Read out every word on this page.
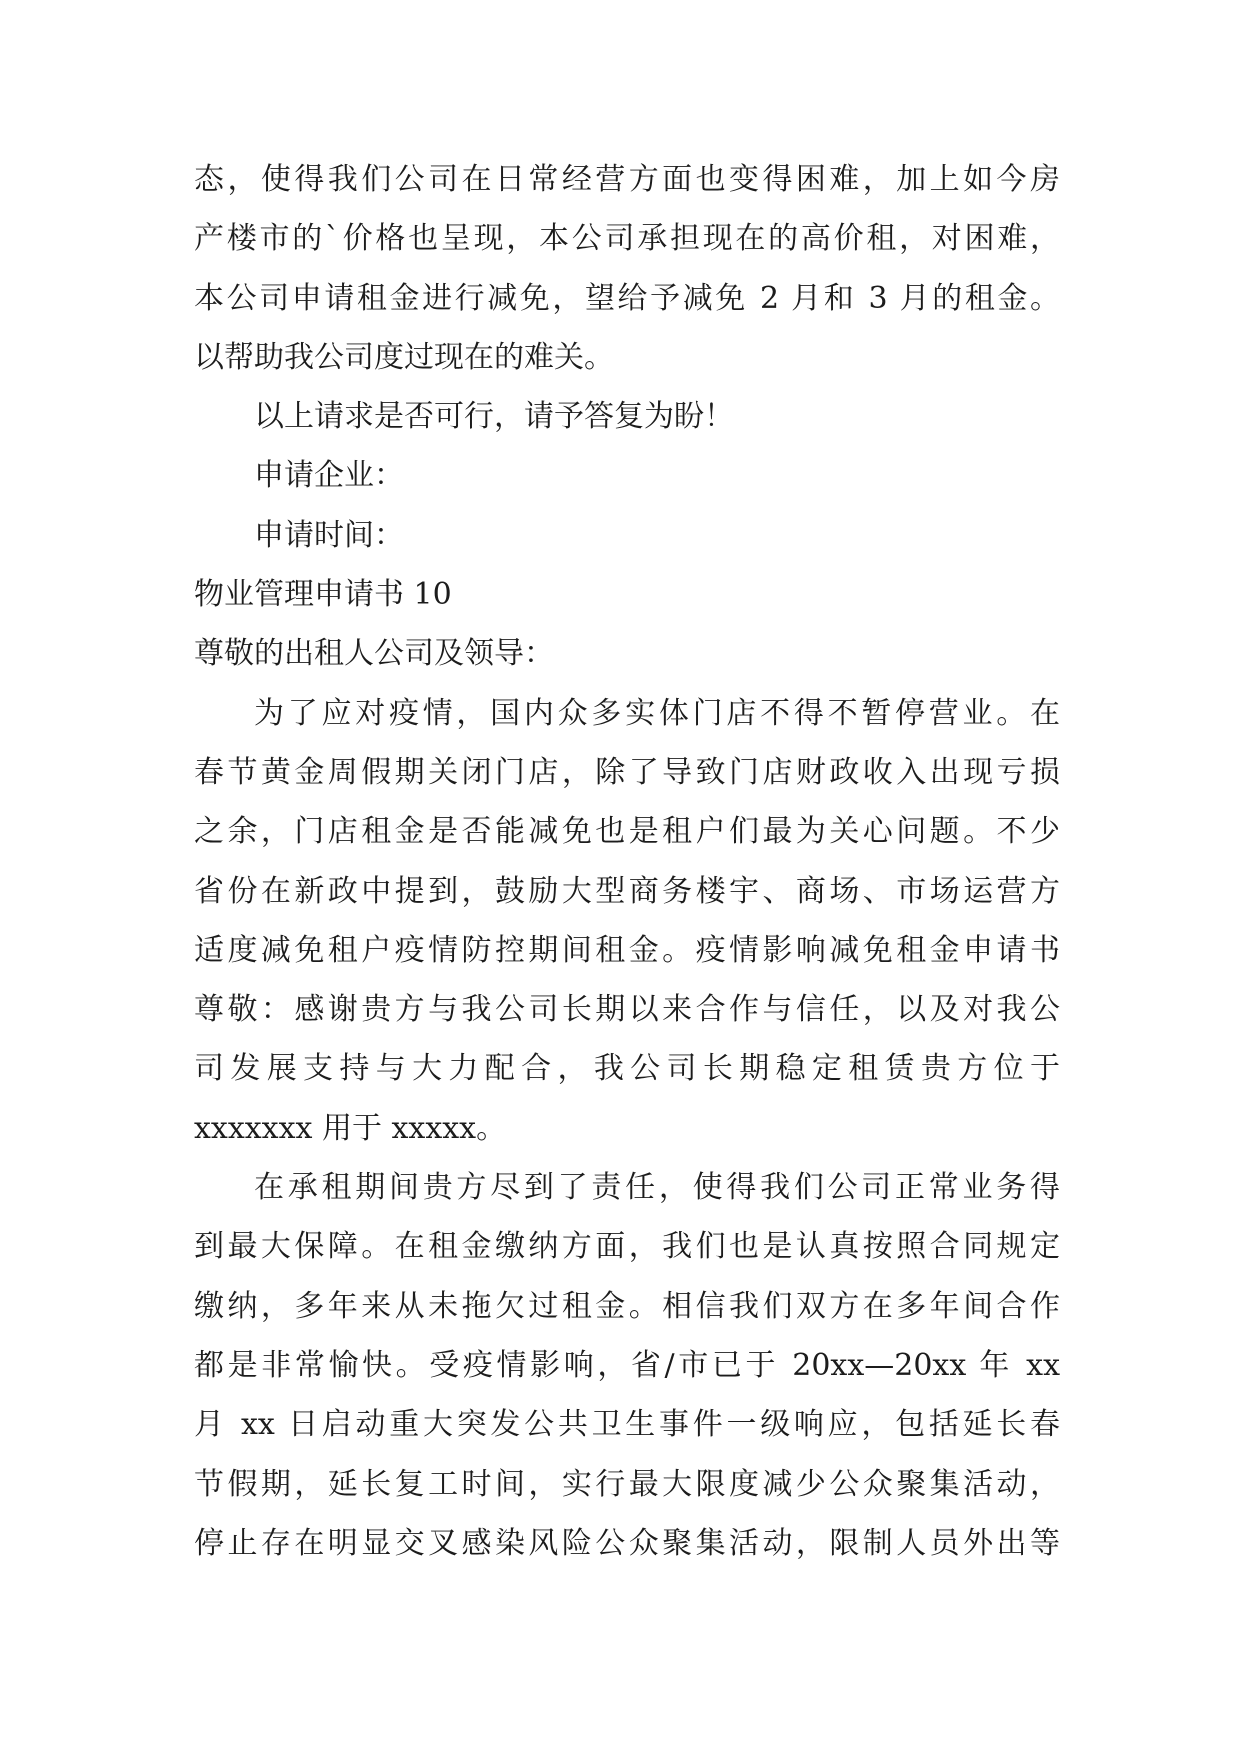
态，使得我们公司在日常经营方面也变得困难，加上如今房
产楼市的`价格也呈现，本公司承担现在的高价租，对困难，
本公司申请租金进行减免，望给予减免 2 月和 3 月的租金。
以帮助我公司度过现在的难关。
以上请求是否可行，请予答复为盼！
申请企业：
申请时间：
物业管理申请书 10
尊敬的出租人公司及领导：
为了应对疫情，国内众多实体门店不得不暂停营业。在
春节黄金周假期关闭门店，除了导致门店财政收入出现亏损
之余，门店租金是否能减免也是租户们最为关心问题。不少
省份在新政中提到，鼓励大型商务楼宇、商场、市场运营方
适度减免租户疫情防控期间租金。疫情影响减免租金申请书
尊敬：感谢贵方与我公司长期以来合作与信任，以及对我公
司发展支持与大力配合，我公司长期稳定租赁贵方位于
xxxxxxx 用于 xxxxx。
在承租期间贵方尽到了责任，使得我们公司正常业务得
到最大保障。在租金缴纳方面，我们也是认真按照合同规定
缴纳，多年来从未拖欠过租金。相信我们双方在多年间合作
都是非常愉快。受疫情影响，省/市已于 20xx—20xx 年 xx
月 xx 日启动重大突发公共卫生事件一级响应，包括延长春
节假期，延长复工时间，实行最大限度减少公众聚集活动，
停止存在明显交叉感染风险公众聚集活动，限制人员外出等
